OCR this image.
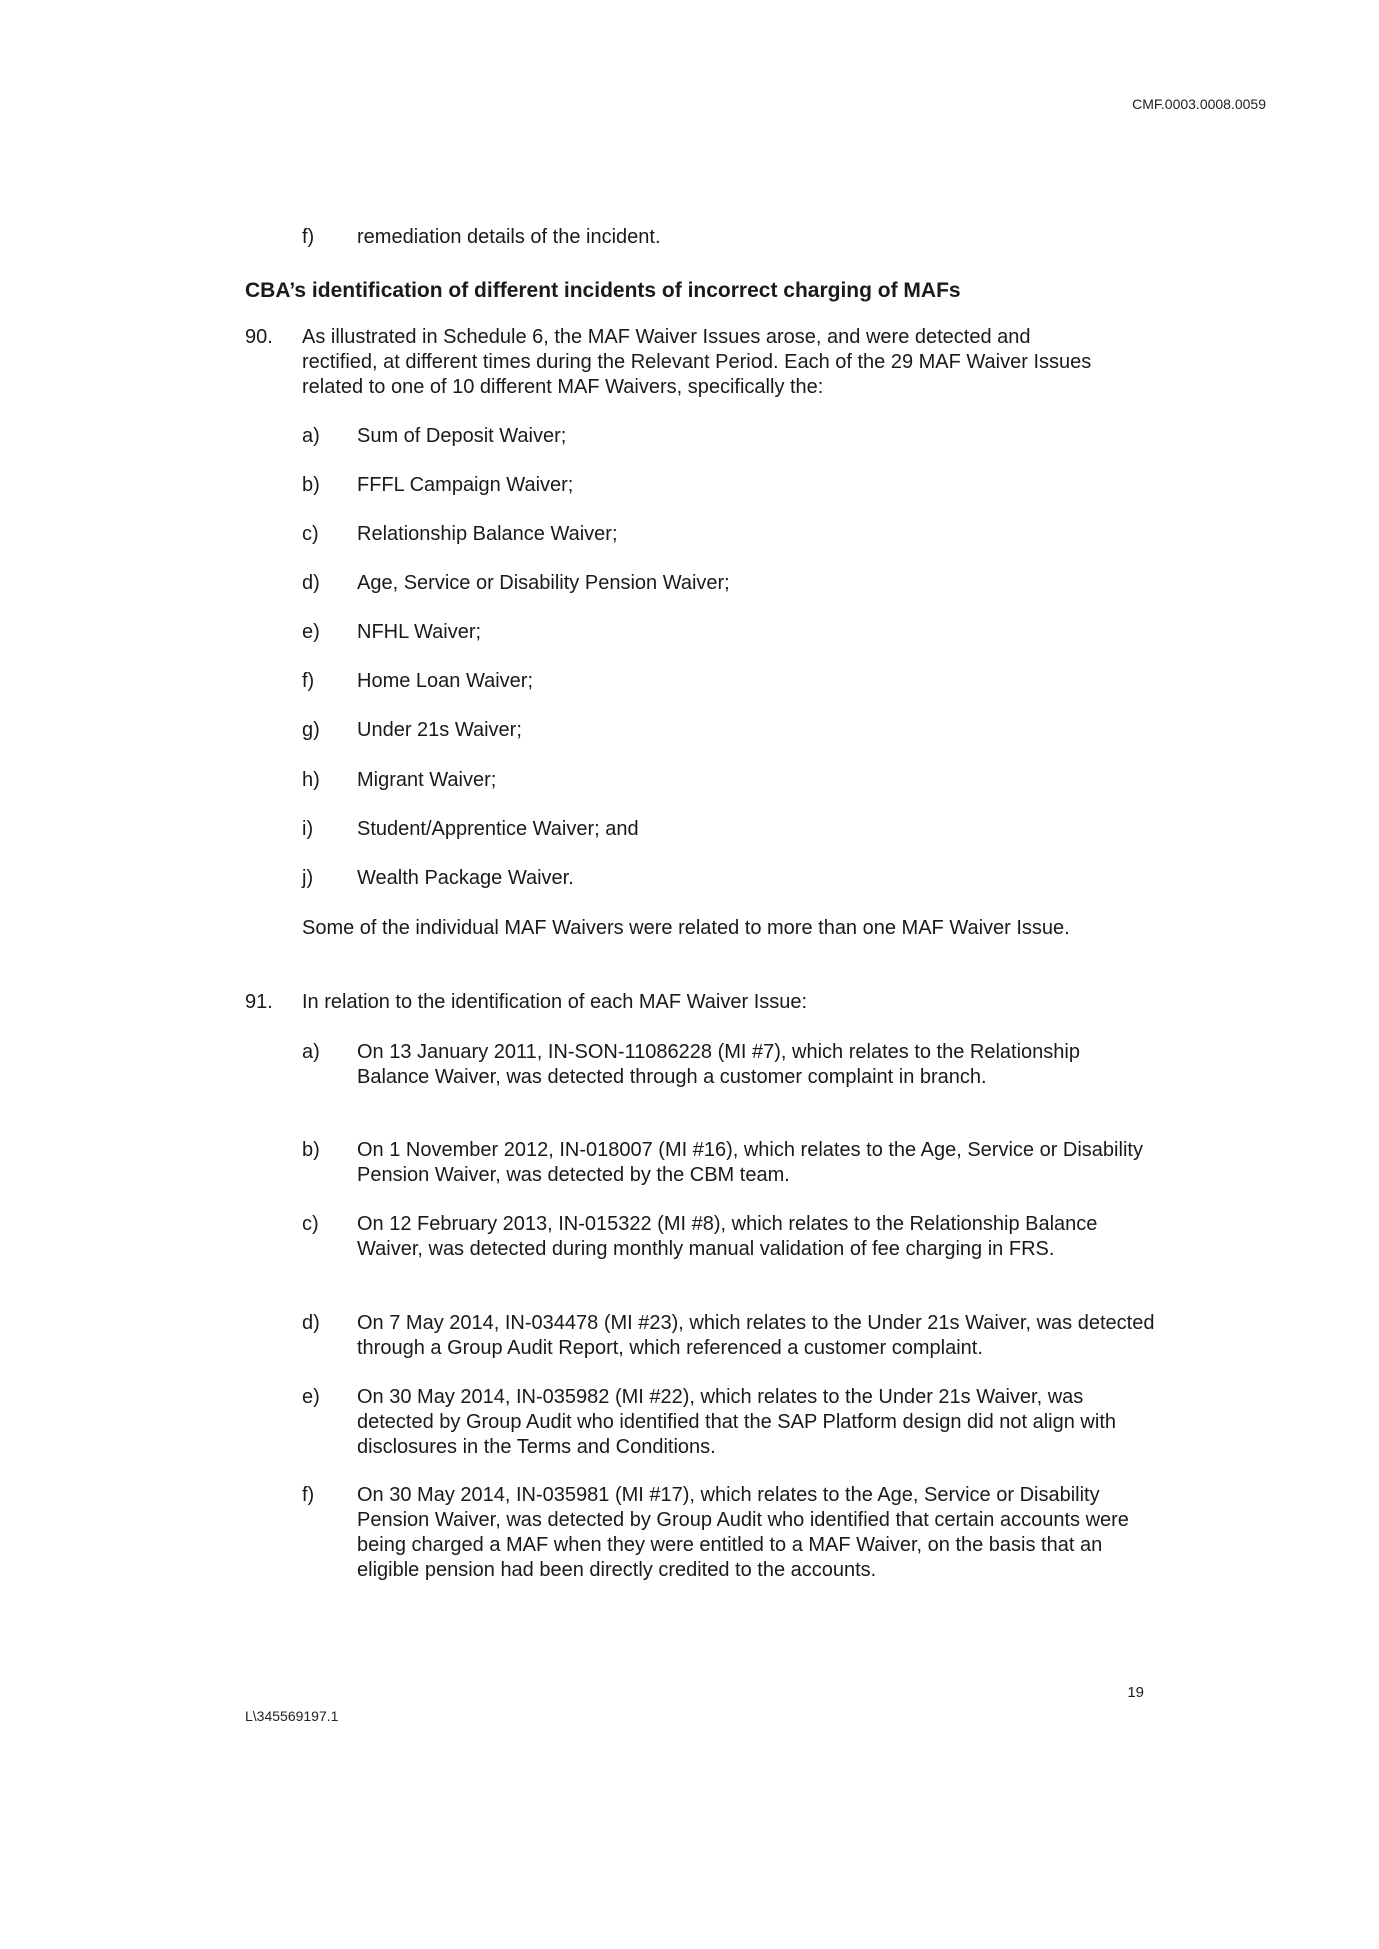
CMF.0003.0008.0059
f) remediation details of the incident.
CBA’s identification of different incidents of incorrect charging of MAFs
90. As illustrated in Schedule 6, the MAF Waiver Issues arose, and were detected and rectified, at different times during the Relevant Period. Each of the 29 MAF Waiver Issues related to one of 10 different MAF Waivers, specifically the:
a) Sum of Deposit Waiver;
b) FFFL Campaign Waiver;
c) Relationship Balance Waiver;
d) Age, Service or Disability Pension Waiver;
e) NFHL Waiver;
f) Home Loan Waiver;
g) Under 21s Waiver;
h) Migrant Waiver;
i) Student/Apprentice Waiver; and
j) Wealth Package Waiver.
Some of the individual MAF Waivers were related to more than one MAF Waiver Issue.
91. In relation to the identification of each MAF Waiver Issue:
a) On 13 January 2011, IN-SON-11086228 (MI #7), which relates to the Relationship Balance Waiver, was detected through a customer complaint in branch.
b) On 1 November 2012, IN-018007 (MI #16), which relates to the Age, Service or Disability Pension Waiver, was detected by the CBM team.
c) On 12 February 2013, IN-015322 (MI #8), which relates to the Relationship Balance Waiver, was detected during monthly manual validation of fee charging in FRS.
d) On 7 May 2014, IN-034478 (MI #23), which relates to the Under 21s Waiver, was detected through a Group Audit Report, which referenced a customer complaint.
e) On 30 May 2014, IN-035982 (MI #22), which relates to the Under 21s Waiver, was detected by Group Audit who identified that the SAP Platform design did not align with disclosures in the Terms and Conditions.
f) On 30 May 2014, IN-035981 (MI #17), which relates to the Age, Service or Disability Pension Waiver, was detected by Group Audit who identified that certain accounts were being charged a MAF when they were entitled to a MAF Waiver, on the basis that an eligible pension had been directly credited to the accounts.
19
L\345569197.1
